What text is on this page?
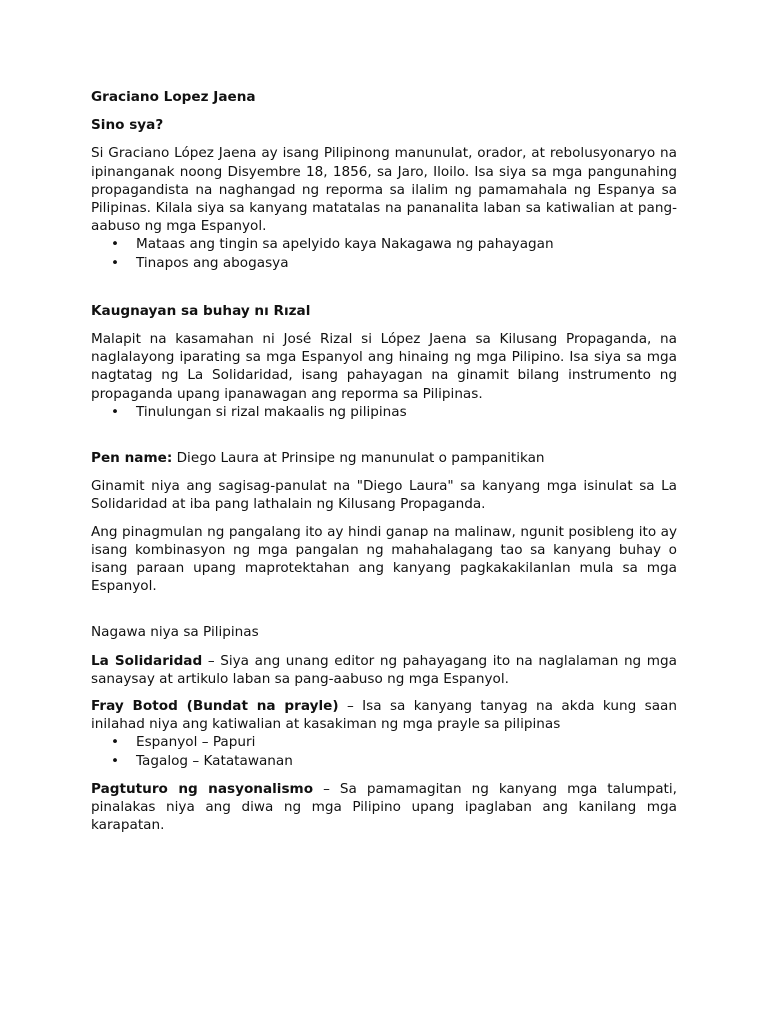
Graciano Lopez Jaena

Sino sya?

Si Graciano López Jaena ay isang Pilipinong manunulat, orador, at rebolusyonaryo na ipinanganak noong Disyembre 18, 1856, sa Jaro, Iloilo. Isa siya sa mga pangunahing propagandista na naghangad ng reporma sa ilalim ng pamamahala ng Espanya sa Pilipinas. Kilala siya sa kanyang matatalas na pananalita laban sa katiwalian at pang-aabuso ng mga Espanyol.

• Mataas ang tingin sa apelyido kaya Nakagawa ng pahayagan
• Tinapos ang abogasya

Kaugnayan sa buhay nı Rızal

Malapit na kasamahan ni José Rizal si López Jaena sa Kilusang Propaganda, na naglalayong iparating sa mga Espanyol ang hinaing ng mga Pilipino. Isa siya sa mga nagtatag ng La Solidaridad, isang pahayagan na ginamit bilang instrumento ng propaganda upang ipanawagan ang reporma sa Pilipinas.

• Tinulungan si rizal makaalis ng pilipinas

Pen name: Diego Laura at Prinsipe ng manunulat o pampanitikan

Ginamit niya ang sagisag-panulat na "Diego Laura" sa kanyang mga isinulat sa La Solidaridad at iba pang lathalain ng Kilusang Propaganda.

Ang pinagmulan ng pangalang ito ay hindi ganap na malinaw, ngunit posibleng ito ay isang kombinasyon ng mga pangalan ng mahahalagang tao sa kanyang buhay o isang paraan upang maprotektahan ang kanyang pagkakakilanlan mula sa mga Espanyol.

Nagawa niya sa Pilipinas

La Solidaridad – Siya ang unang editor ng pahayagang ito na naglalaman ng mga sanaysay at artikulo laban sa pang-aabuso ng mga Espanyol.

Fray Botod (Bundat na prayle) – Isa sa kanyang tanyag na akda kung saan inilahad niya ang katiwalian at kasakiman ng mga prayle sa pilipinas

• Espanyol – Papuri
• Tagalog – Katatawanan

Pagtuturo ng nasyonalismo – Sa pamamagitan ng kanyang mga talumpati, pinalakas niya ang diwa ng mga Pilipino upang ipaglaban ang kanilang mga karapatan.
